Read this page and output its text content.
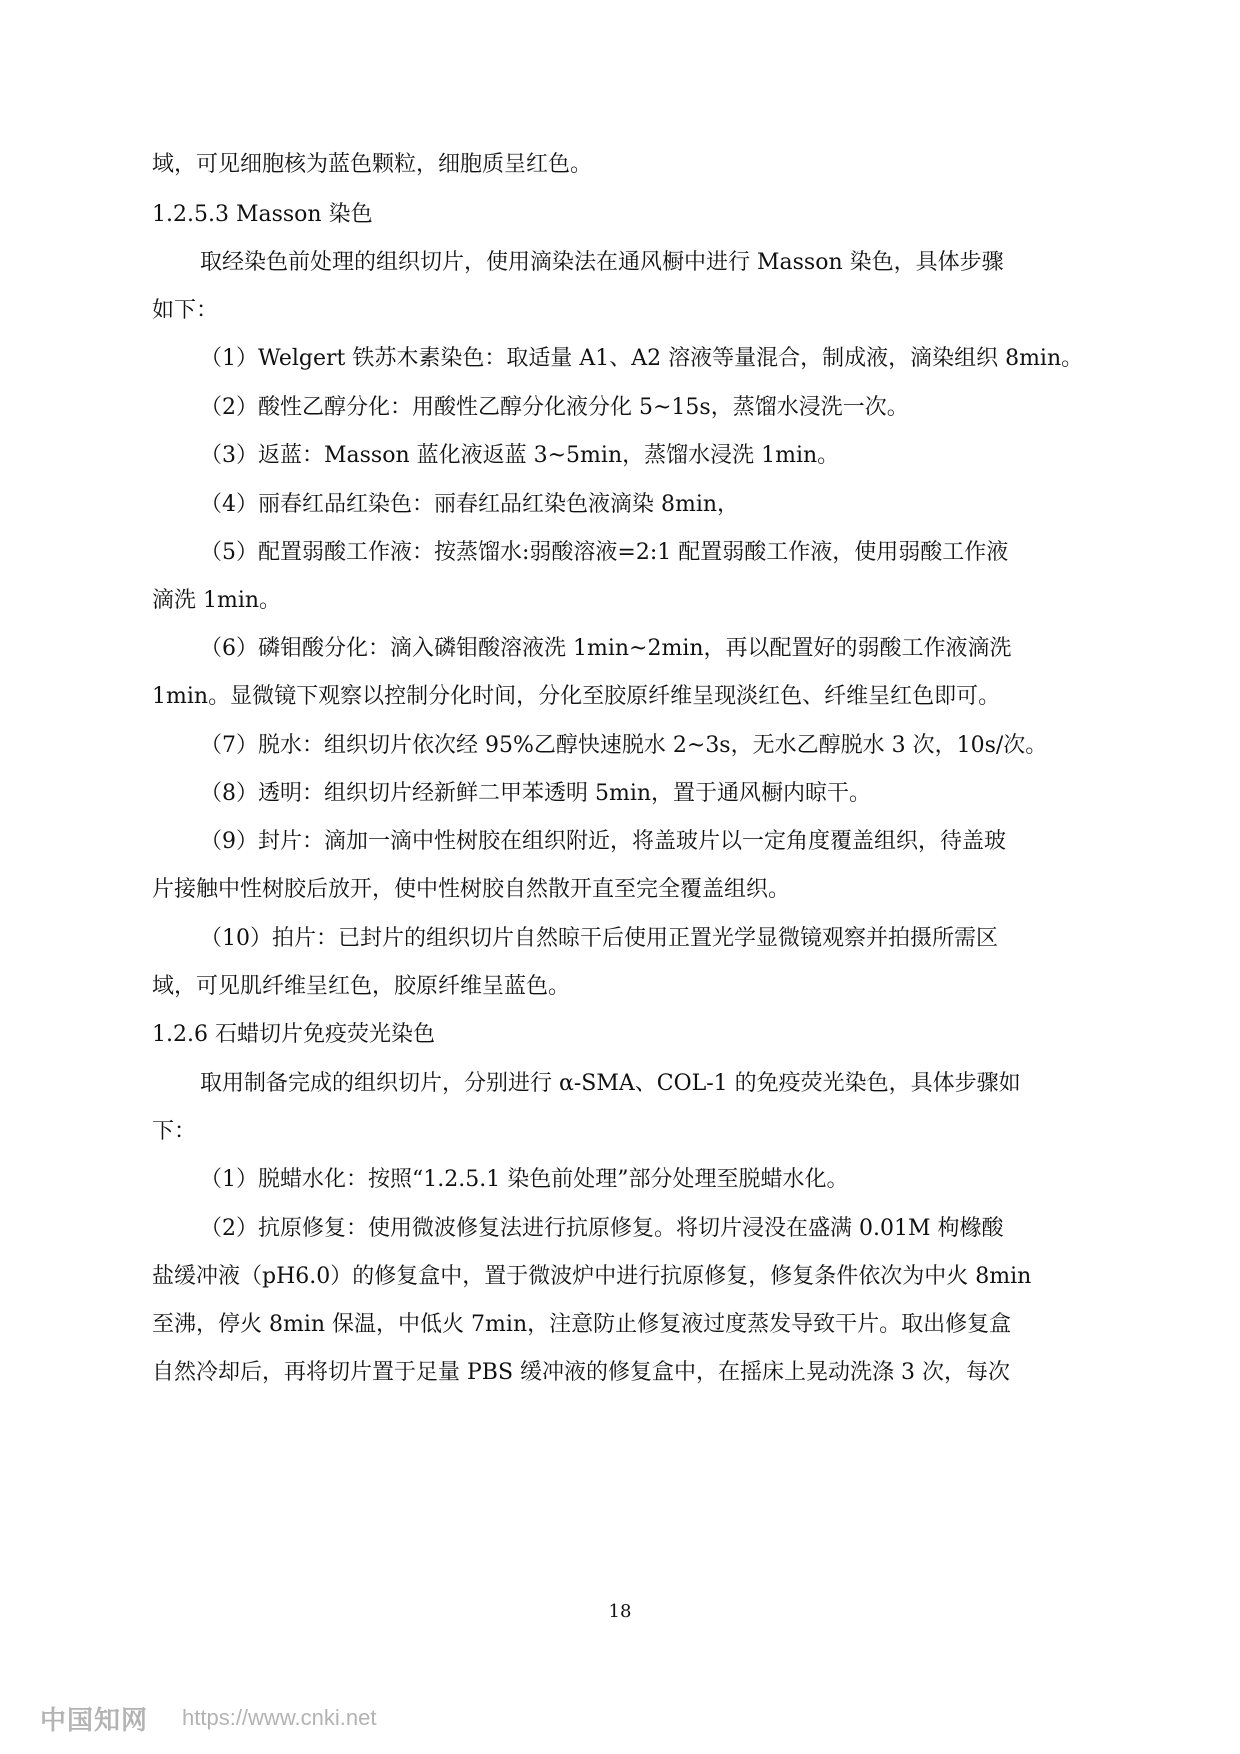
域，可见细胞核为蓝色颗粒，细胞质呈红色。
1.2.5.3 Masson 染色
取经染色前处理的组织切片，使用滴染法在通风橱中进行 Masson 染色，具体步骤
如下：
（1）Welgert 铁苏木素染色：取适量 A1、A2 溶液等量混合，制成液，滴染组织 8min。
（2）酸性乙醇分化：用酸性乙醇分化液分化 5~15s，蒸馏水浸洗一次。
（3）返蓝：Masson 蓝化液返蓝 3~5min，蒸馏水浸洗 1min。
（4）丽春红品红染色：丽春红品红染色液滴染 8min，
（5）配置弱酸工作液：按蒸馏水:弱酸溶液=2:1 配置弱酸工作液，使用弱酸工作液
滴洗 1min。
（6）磷钼酸分化：滴入磷钼酸溶液洗 1min~2min，再以配置好的弱酸工作液滴洗
1min。显微镜下观察以控制分化时间，分化至胶原纤维呈现淡红色、纤维呈红色即可。
（7）脱水：组织切片依次经 95%乙醇快速脱水 2~3s，无水乙醇脱水 3 次，10s/次。
（8）透明：组织切片经新鲜二甲苯透明 5min，置于通风橱内晾干。
（9）封片：滴加一滴中性树胶在组织附近，将盖玻片以一定角度覆盖组织，待盖玻
片接触中性树胶后放开，使中性树胶自然散开直至完全覆盖组织。
（10）拍片：已封片的组织切片自然晾干后使用正置光学显微镜观察并拍摄所需区
域，可见肌纤维呈红色，胶原纤维呈蓝色。
1.2.6 石蜡切片免疫荧光染色
取用制备完成的组织切片，分别进行 α-SMA、COL-1 的免疫荧光染色，具体步骤如
下：
（1）脱蜡水化：按照“1.2.5.1 染色前处理”部分处理至脱蜡水化。
（2）抗原修复：使用微波修复法进行抗原修复。将切片浸没在盛满 0.01M 枸橼酸
盐缓冲液（pH6.0）的修复盒中，置于微波炉中进行抗原修复，修复条件依次为中火 8min
至沸，停火 8min 保温，中低火 7min，注意防止修复液过度蒸发导致干片。取出修复盒
自然冷却后，再将切片置于足量 PBS 缓冲液的修复盒中，在摇床上晃动洗涤 3 次，每次
18
中国知网 https://www.cnki.net
